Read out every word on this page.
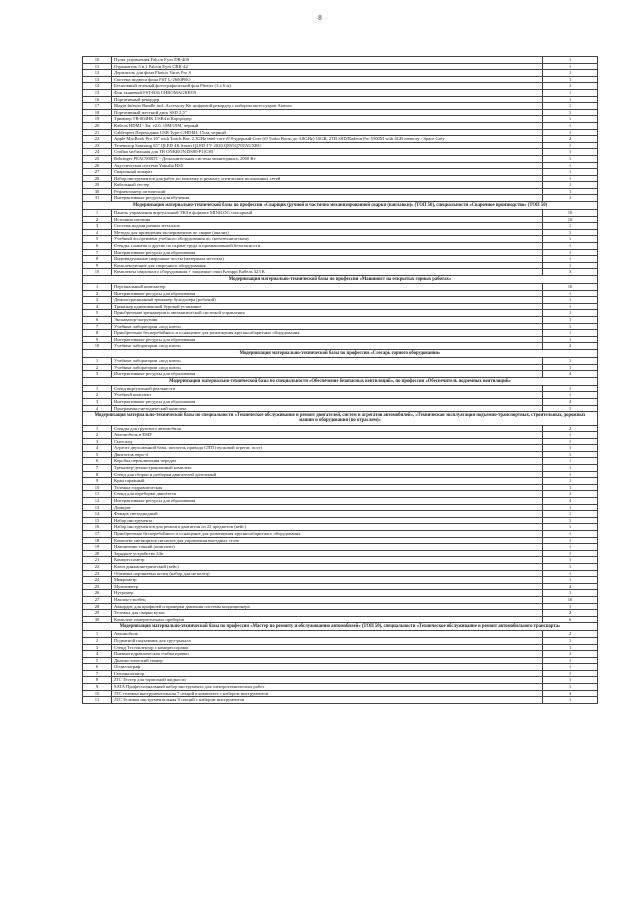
8
10	Пульт управления Falcon Eyes DR-40S	1
11	Отражатель 5 в 1 Falcon Eyes CRK-42	1
12	Держатель для фона Phottix Varos Pro S	1
13	Система подвеса фона FST L-2600PRO	1
14	Бесшовный зеленый фотографический фон Phottix (3 х 6 м)	1
15	Фон тканевый FST-B36 CHROMAGREEN	1
16	Портативный рекордер	1
17	Blagin Inferno Bundle incl. Accessory Kit цифровой рекордер с набором аксессуаров Atomos	1
18	Портативный жесткий диск SSD 2,5"	1
19	Триммер TB-804HK USB4 и Картридер	1
20	Кабель HDMI - 3м. v2.0, 19M/19M, черный	1
21	Cablexpert Переходник USB Type-C/HDMI, 15см, черный	1
22	Apple MacBook Pro 16" with Touch Bar: 2.3GHz intel-core i9 8-ядерный Core (i9 Turbo Boost до 4.8GHz) 16GB, 2TB SSD/Radeon Pro 5500M with 4GB memory - Space Grey	2
23	Телевизор Samsung 65" QLED 4K Smart QLED TV 2020 QE65Q70TAUXRU	1
24	Стойка мобильная для ТВ ONKRON DS80-P1(CH)	1
25	Behringer PEAC900DT - Дополнительная система мониторинга, 2000 Вт	1
26	Акустическая система Yamaha HS5	1
27	Сварочный аппарат	1
28	Набор инструментов для работ по монтажу и ремонту оптических волоконных сетей	1
29	Кабельный тестер	1
30	Рефлектометр оптический	1
31	Интерактивные ресурсы для обучения	1
Модернизация материально-технической базы по профессии «Сварщик (ручной и частично механизированной сварки (наплавки)» (ТОП 50), специальности «Сварочное производство» (ТОП 50)		
1	Панель управления виртуальный ТКЗ в формате MINILOG сенсорный	10
2	Источник питания	10
3	Система подачи разных металлов	1
4	Методы для проведения экспериментов по сварке (анализ)	1
5	Учебный ассортимент учебного оборудования по светотехническому	1
6	Стенды, плакаты и другие по охране труда и промышленной безопасности	1
7	Интерактивные ресурсы для образования	1
8	Индивидуальные сварочные посты (материала металла)	1
9	Комплектующие для сварочного оборудования	1
10	Комплекты сварочного оборудования + защитные очки Kemppi Кабель 323 К	3
Модернизация материально-технической базы по профессии «Машинист на открытых горных работах»		
1	Персональный компьютер	10
2	Интерактивные ресурсы для образования	1
3	Демонстрационный тренажер бульдозера (робочий)	1
4	Тренажер одноковшовой буровой установки	1
5	Приобретение тренажеров и автоматической системой управления	1
6	Экскаватор-погрузчик	1
7	Учебные лаборатории «под ключ»	1
8	Приобретение бесперебойного и оснащение для размещения крупногабаритных оборудования	1
9	Интерактивные ресурсы для образования	1
10	Учебные лаборатории «под ключ»	2
Модернизация материально-технической базы по профессии «Слесарь горного оборудования»		
1	Учебные лаборатории «под ключ»	1
2	Учебные лаборатории «под ключ»	1
3	Интерактивные ресурсы для образования	4
Модернизация материально-технической базы по специальности «Обеспечение безопасных вентиляций», по профессии «Обеспечитель подземных вентиляций»		
1	Стенд виртуальной реальности	1
2	Учебный комплект	1
3	Интерактивные ресурсы для образования	4
4	Программно-методический комплекс	1
Модернизация материально-технической базы по специальности «Техническое обслуживание и ремонт двигателей, систем и агрегатов автомобилей», «Техническая эксплуатация подъемно-транспортных, строительных, дорожных машин и оборудования (по отраслям)»		
1	Стенды для грузового автомобиля	2
2	Автомобиль в ЕМУ	1
3	Снегоход	1
4	Агрегат двухсменной базы, питатель привода СПП (пусковой агрегат, пост)	1
5	Двигатель евро-4	1
6	Коробка переключения передач	1
7	Тренажер-демонстрационный комплекс	1
8	Стенд для сборки и разборки двигателей дизельный	1
9	Кран гаражный	1
10	Тележка гидравлическая	1
11	Стенд для переборки двигателя	1
12	Интерактивные ресурсы для образования	4
13	Домкрат	1
14	Фонарь светодиодный	1
15	Набор инструмента	1
16	Набор инструментов для ремонта двигателя из 22 предметов (кейс)	1
17	Приобретение бесперебойного и оснащение для размещения крупногабаритного оборудования	1
18	Комплект светящихся сигналов для управления выездных стоек	1
19	Наконечник тонкий (комплект)	1
20	Зарядное устройство 24в	1
21	Компрессометр	1
22	Ключ динамометрический (кейс)	1
23	Обжимка поршневых колец (набор для не колец)	1
24	Микрометр	1
25	Мультиметр	4
26	Нутромер	1
27	Наклон-столбец	16
28	Аккордит для профилей и проверки давления системы кондиционера	1
29	Тележка для сварки кузов	2
30	Комплект измерительных приборов	6
Модернизация материально-технической базы по профессии «Мастер по ремонту и обслуживанию автомобилей» (ТОП 50), специальности «Техническое обслуживание и ремонт автомобильного транспорта»		
1	Автомобиль	2
2	Подкатной подъемник для груз-рычала	1
3	Стенд Тестоилектор с компрессорами	1
4	Пневмогидравлическая стойка правки	1
5	Диагностический сканер	1
6	Осциллограф	1
7	Газоанализатор	1
8	JTC Тестер для тормозной жидкости	1
9	SATA Профессиональный набор инструмента для электротехнических работ	1
10	JTC тележка инструментальная 7 секций в комплекте с набором инструментов	3
11	JTC Тележка инструментальная 8 секций с набором инструментов	1
